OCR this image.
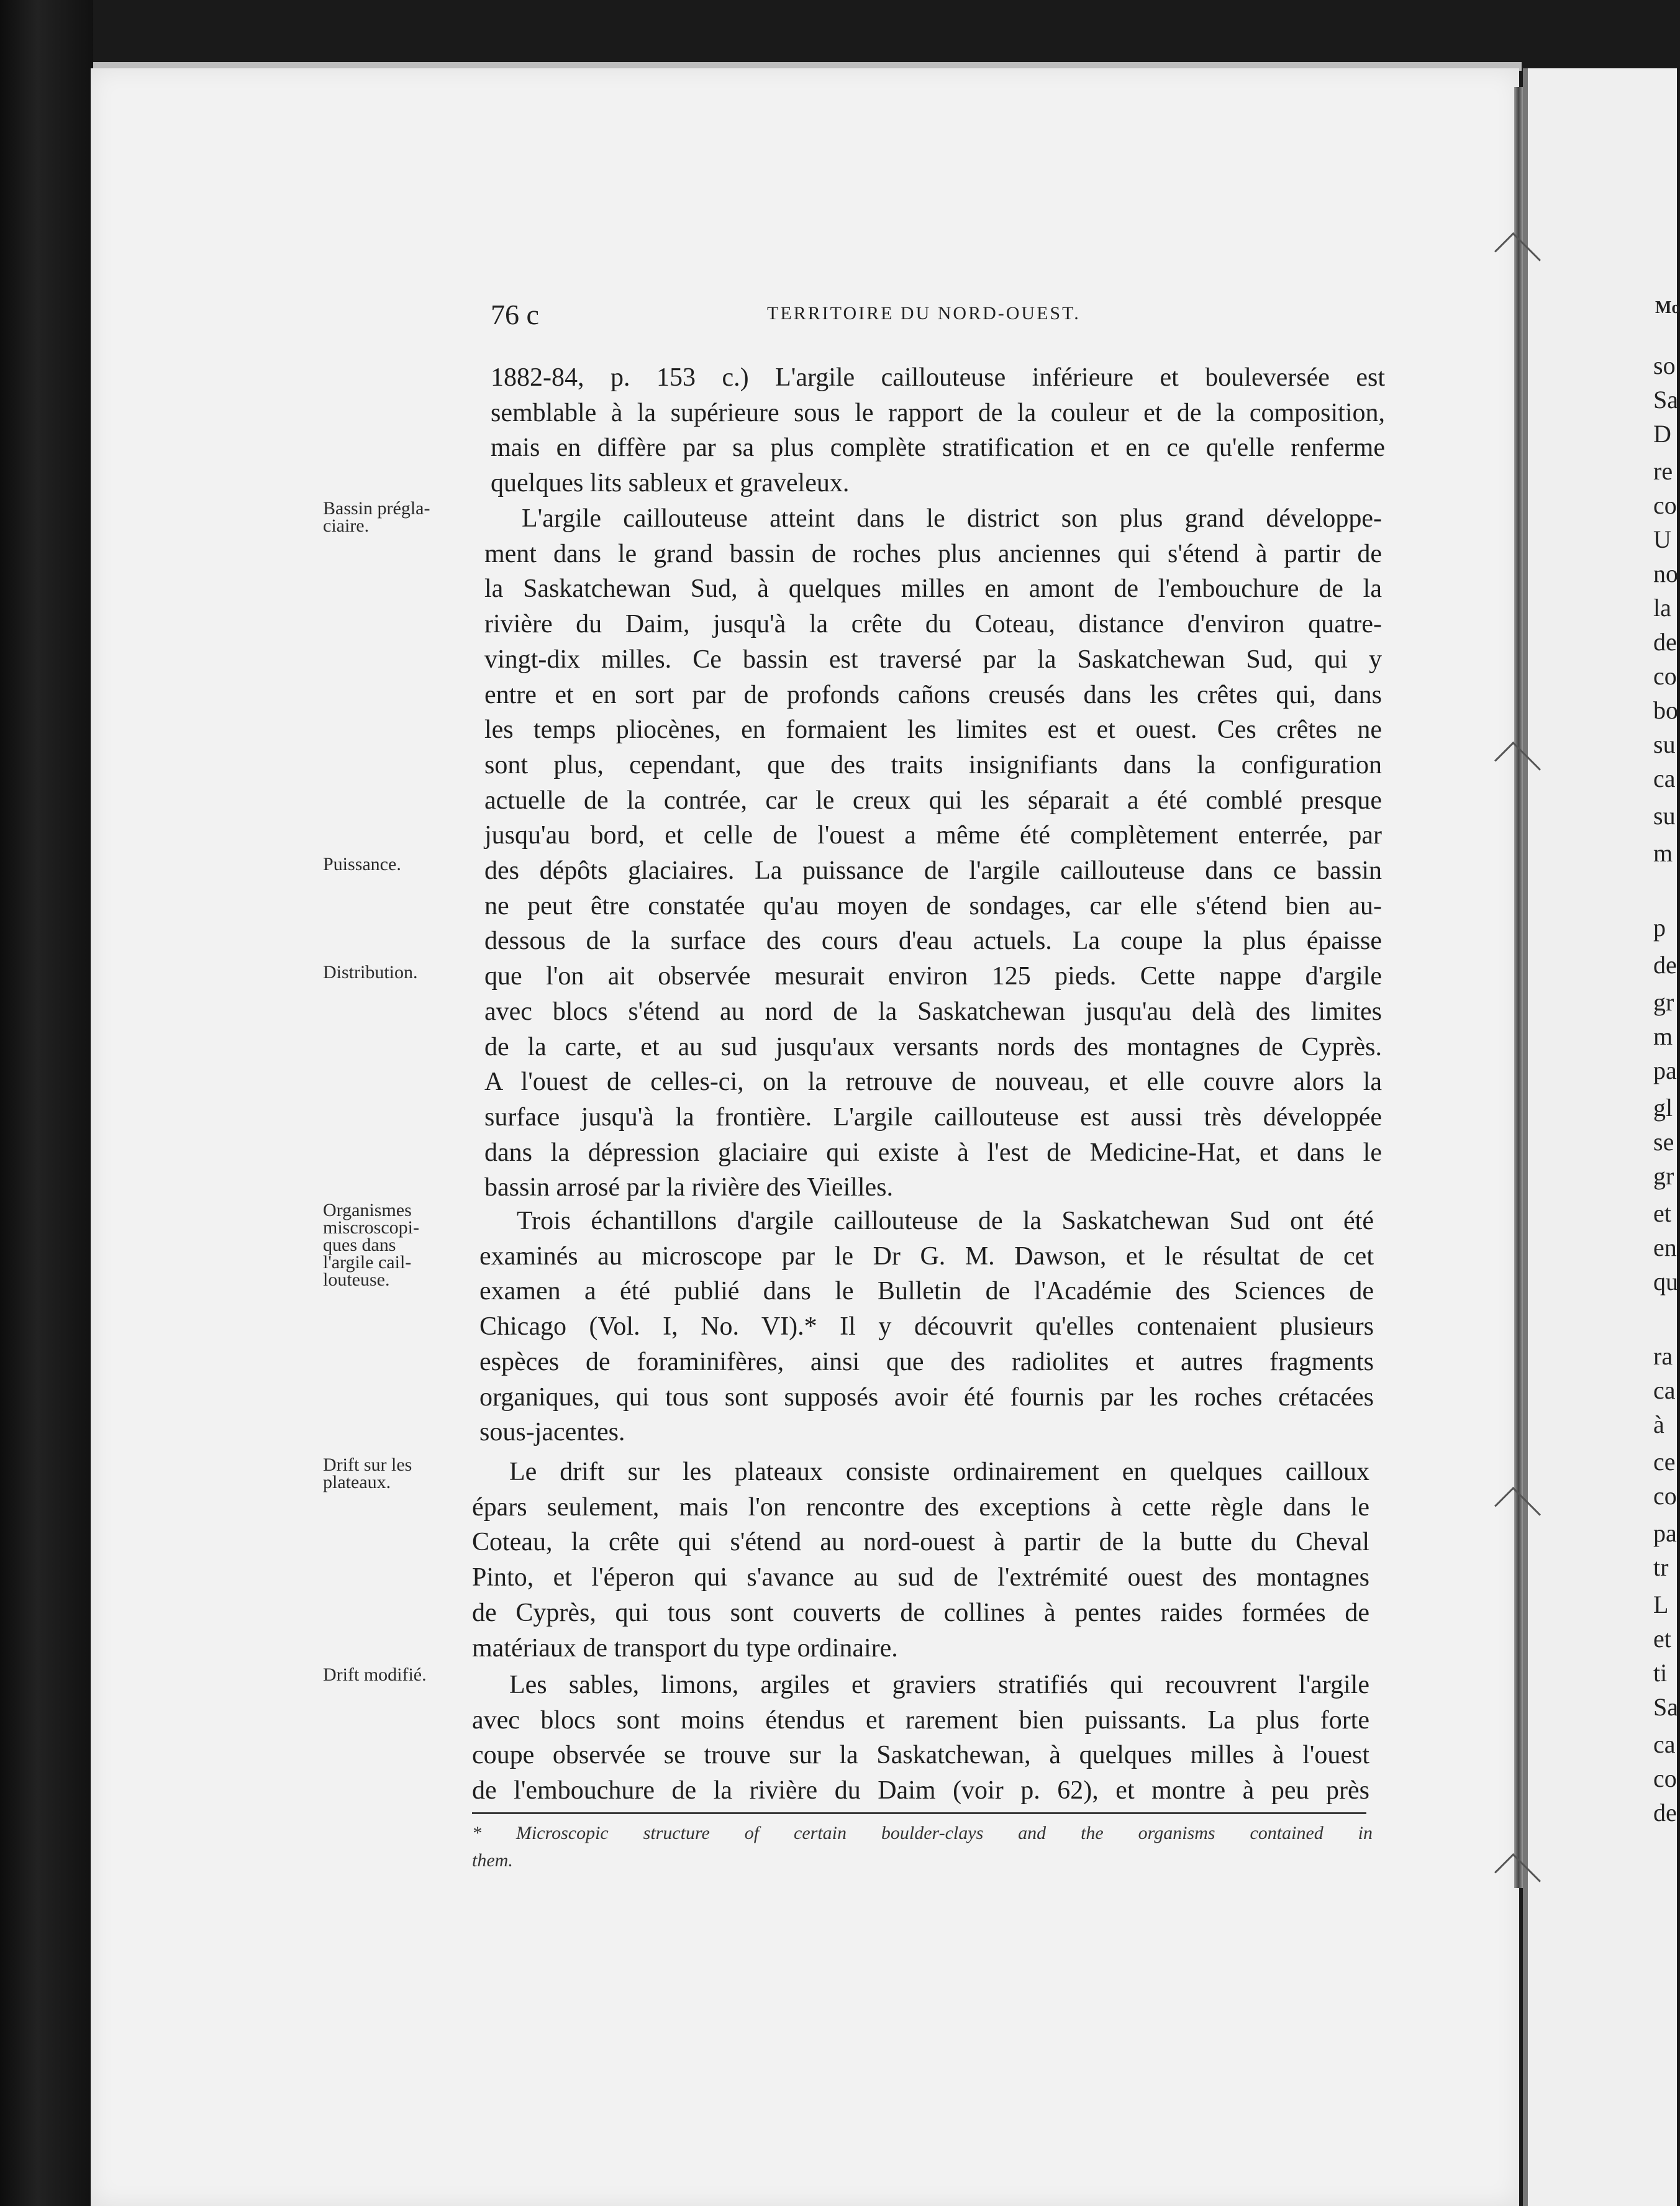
76 c	TERRITOIRE DU NORD-OUEST.
Bassin prégla-
ciaire.
Puissance.
Distribution.
Organismes
miscroscopi-
ques dans
l'argile cail-
louteuse.
Drift sur les
plateaux.
Drift modifié.
1882-84, p. 153 c.) L'argile caillouteuse inférieure et bouleversée est
semblable à la supérieure sous le rapport de la couleur et de la composition,
mais en diffère par sa plus complète stratification et en ce qu'elle renferme
quelques lits sableux et graveleux.
L'argile caillouteuse atteint dans le district son plus grand développe-
ment dans le grand bassin de roches plus anciennes qui s'étend à partir de
la Saskatchewan Sud, à quelques milles en amont de l'embouchure de la
rivière du Daim, jusqu'à la crête du Coteau, distance d'environ quatre-
vingt-dix milles. Ce bassin est traversé par la Saskatchewan Sud, qui y
entre et en sort par de profonds cañons creusés dans les crêtes qui, dans
les temps pliocènes, en formaient les limites est et ouest. Ces crêtes ne
sont plus, cependant, que des traits insignifiants dans la configuration
actuelle de la contrée, car le creux qui les séparait a été comblé presque
jusqu'au bord, et celle de l'ouest a même été complètement enterrée, par
des dépôts glaciaires. La puissance de l'argile caillouteuse dans ce bassin
ne peut être constatée qu'au moyen de sondages, car elle s'étend bien au-
dessous de la surface des cours d'eau actuels. La coupe la plus épaisse
que l'on ait observée mesurait environ 125 pieds. Cette nappe d'argile
avec blocs s'étend au nord de la Saskatchewan jusqu'au delà des limites
de la carte, et au sud jusqu'aux versants nords des montagnes de Cyprès.
A l'ouest de celles-ci, on la retrouve de nouveau, et elle couvre alors la
surface jusqu'à la frontière. L'argile caillouteuse est aussi très développée
dans la dépression glaciaire qui existe à l'est de Medicine-Hat, et dans le
bassin arrosé par la rivière des Vieilles.
Trois échantillons d'argile caillouteuse de la Saskatchewan Sud ont été
examinés au microscope par le Dr G. M. Dawson, et le résultat de cet
examen a été publié dans le Bulletin de l'Académie des Sciences de
Chicago (Vol. I, No. VI).* Il y découvrit qu'elles contenaient plusieurs
espèces de foraminifères, ainsi que des radiolites et autres fragments
organiques, qui tous sont supposés avoir été fournis par les roches crétacées
sous-jacentes.
Le drift sur les plateaux consiste ordinairement en quelques cailloux
épars seulement, mais l'on rencontre des exceptions à cette règle dans le
Coteau, la crête qui s'étend au nord-ouest à partir de la butte du Cheval
Pinto, et l'éperon qui s'avance au sud de l'extrémité ouest des montagnes
de Cyprès, qui tous sont couverts de collines à pentes raides formées de
matériaux de transport du type ordinaire.
Les sables, limons, argiles et graviers stratifiés qui recouvrent l'argile
avec blocs sont moins étendus et rarement bien puissants. La plus forte
coupe observée se trouve sur la Saskatchewan, à quelques milles à l'ouest
de l'embouchure de la rivière du Daim (voir p. 62), et montre à peu près
* Microscopic structure of certain boulder-clays and the organisms contained in
them.
Mo
so
Sa
D
re
co
U
no
la
de
co
bo
su
ca
su
m
p
de
gr
m
pa
gl
se
gr
et
en
qu
ra
ca
à
ce
co
pa
tr
L
et
ti
Sa
ca
co
de
